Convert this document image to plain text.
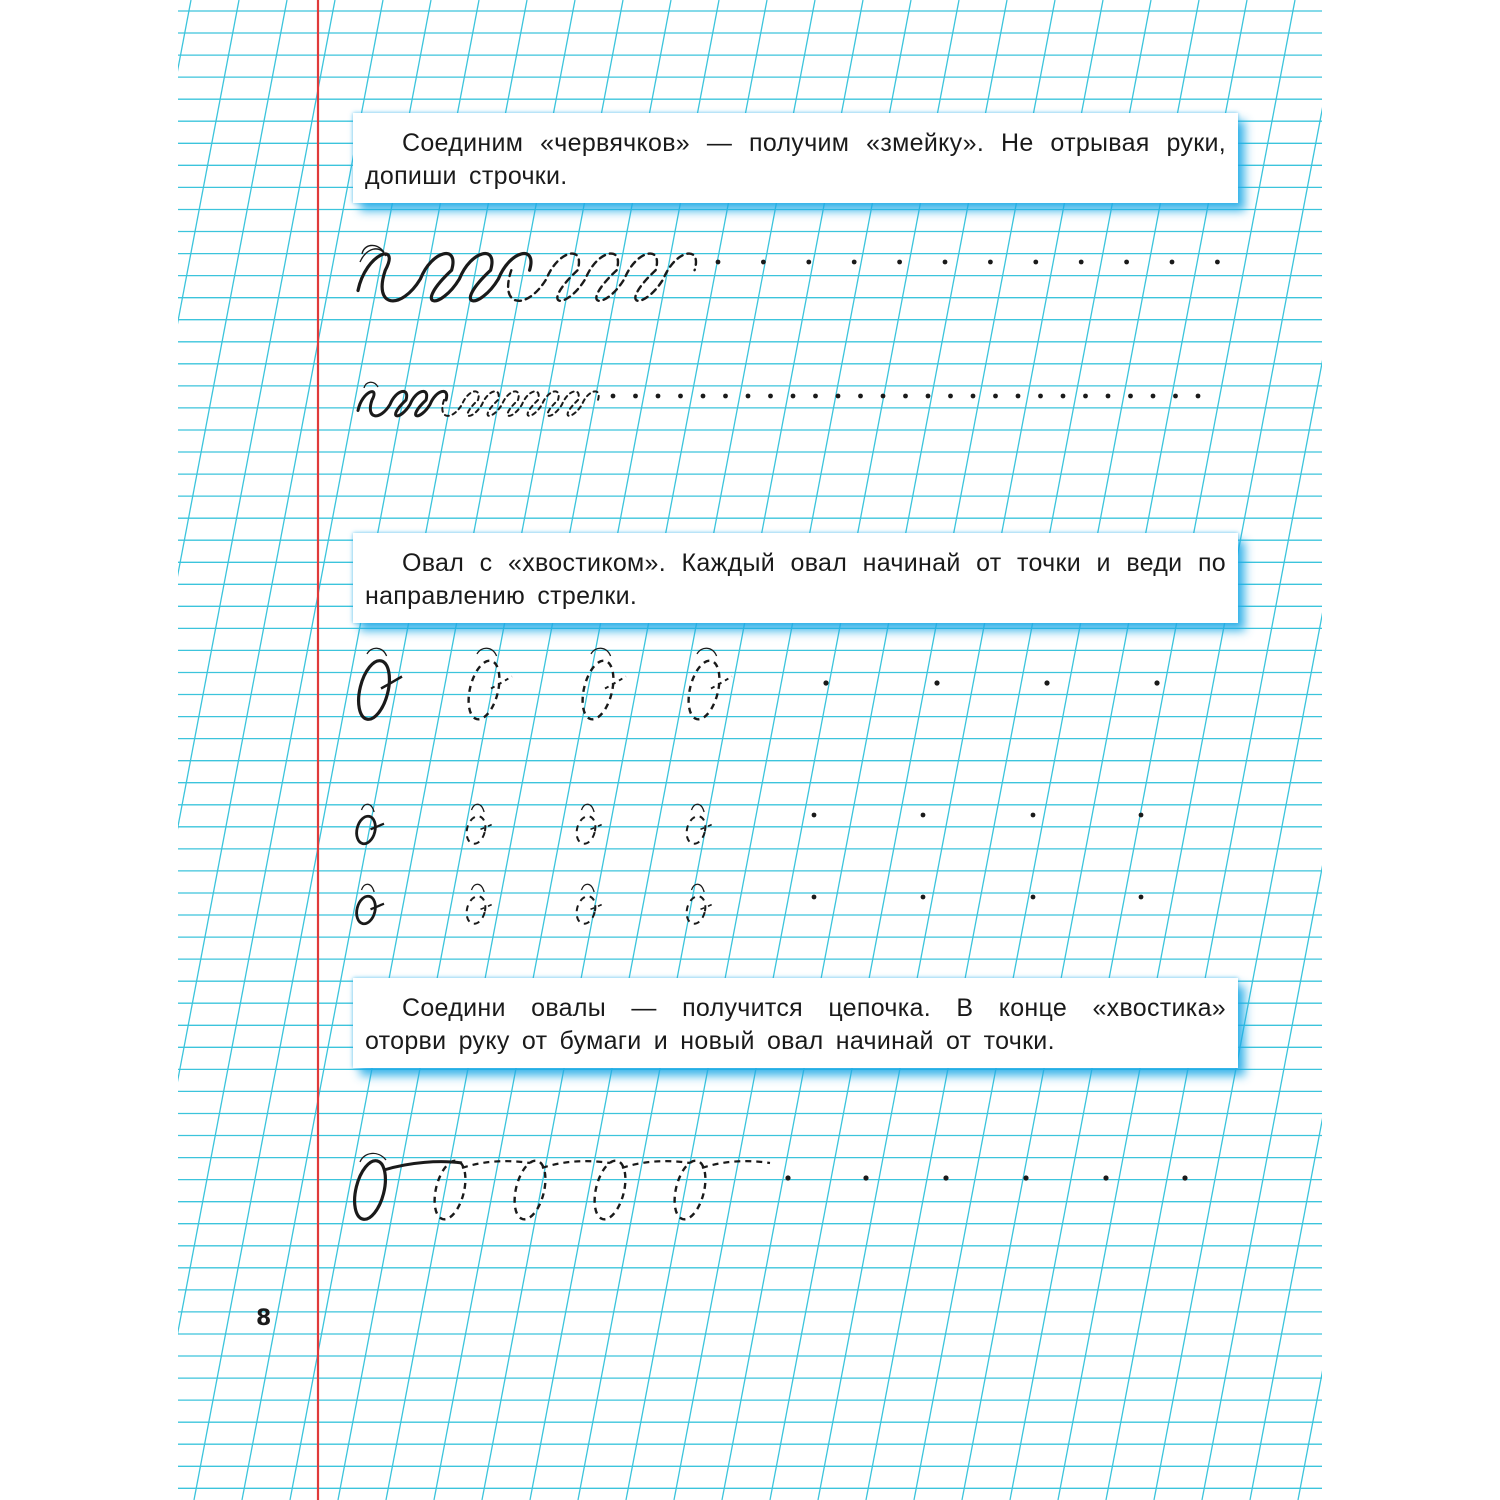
Соединим «червячков» — получим «змейку». Не отрывая руки, допиши строчки.

Овал с «хвостиком». Каждый овал начинай от точки и веди по направлению стрелки.

Соедини овалы — получится цепочка. В конце «хвостика» оторви руку от бумаги и новый овал начинай от точки.

8
